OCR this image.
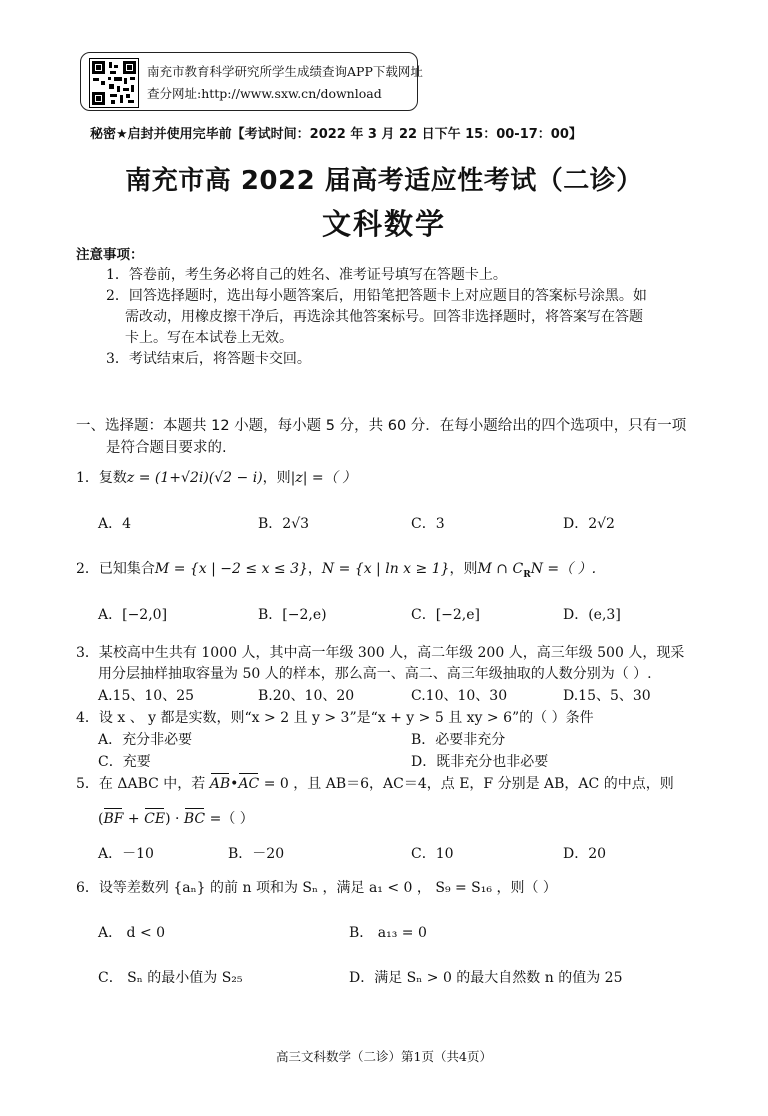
南充市教育科学研究所学生成绩查询APP下载网址
查分网址:http://www.sxw.cn/download
秘密★启封并使用完毕前【考试时间：2022 年 3 月 22 日下午 15：00-17：00】
南充市高 2022 届高考适应性考试（二诊）
文科数学
注意事项：
1．答卷前，考生务必将自己的姓名、准考证号填写在答题卡上。
2．回答选择题时，选出每小题答案后，用铅笔把答题卡上对应题目的答案标号涂黑。如
需改动，用橡皮擦干净后，再选涂其他答案标号。回答非选择题时，将答案写在答题
卡上。写在本试卷上无效。
3．考试结束后，将答题卡交回。
一、选择题：本题共 12 小题，每小题 5 分，共 60 分．在每小题给出的四个选项中，只有一项
是符合题目要求的.
1．复数z = (1+√2i)(√2 − i)，则|z| =（ ）
A．4	B．2√3	C．3	D．2√2
2．已知集合M = {x | −2 ≤ x ≤ 3}，N = {x | ln x ≥ 1}，则M ∩ $C_RN$ =（ ）.
A．[−2,0]	B．[−2,e)	C．[−2,e]	D．(e,3]
3．某校高中生共有 1000 人，其中高一年级 300 人，高二年级 200 人，高三年级 500 人，现采
用分层抽样抽取容量为 50 人的样本，那么高一、高二、高三年级抽取的人数分别为（ ）.
A.15、10、25	B.20、10、20	C.10、10、30	D.15、5、30
4．设 x 、 y 都是实数，则“x > 2 且 y > 3”是“x + y > 5 且 xy > 6”的（ ）条件
A．充分非必要	B．必要非充分
C．充要	D．既非充分也非必要
5．在 ΔABC 中，若 AB•AC = 0 ，且 AB＝6，AC＝4，点 E，F 分别是 AB，AC 的中点，则
(BF + CE) · BC =（ ）
A．－10	B．－20	C．10	D．20
6．设等差数列 {aₙ} 的前 n 项和为 Sₙ ，满足 a₁ < 0 ， S₉ = S₁₆ ，则（ ）
A． d < 0	B． a₁₃ = 0
C． Sₙ 的最小值为 S₂₅	D．满足 Sₙ > 0 的最大自然数 n 的值为 25
高三文科数学（二诊）第1页（共4页）
